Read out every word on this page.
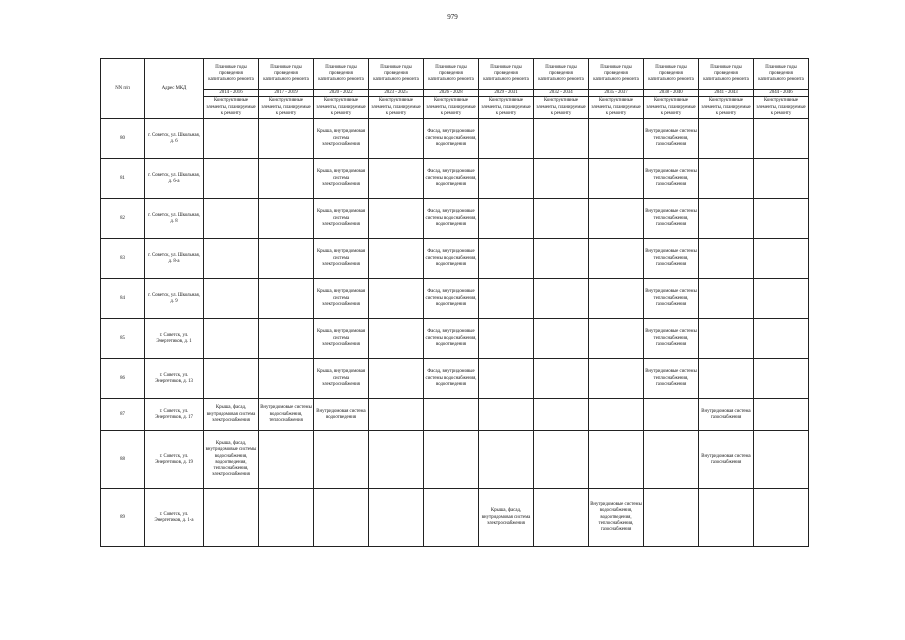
979
NN п/п	Адрес МКД	Плановые годы проведения капитального ремонта	Плановые годы проведения капитального ремонта	Плановые годы проведения капитального ремонта	Плановые годы проведения капитального ремонта	Плановые годы проведения капитального ремонта	Плановые годы проведения капитального ремонта	Плановые годы проведения капитального ремонта	Плановые годы проведения капитального ремонта	Плановые годы проведения капитального ремонта	Плановые годы проведения капитального ремонта	Плановые годы проведения капитального ремонта
		2014 - 2016	2017 - 2019	2020 - 2022	2023 - 2025	2026 - 2028	2029 - 2031	2032 - 2034	2035 - 2037	2038 - 2040	2041 - 2043	2044 - 2046
		Конструктивные элементы, планируемые к ремонту	Конструктивные элементы, планируемые к ремонту	Конструктивные элементы, планируемые к ремонту	Конструктивные элементы, планируемые к ремонту	Конструктивные элементы, планируемые к ремонту	Конструктивные элементы, планируемые к ремонту	Конструктивные элементы, планируемые к ремонту	Конструктивные элементы, планируемые к ремонту	Конструктивные элементы, планируемые к ремонту	Конструктивные элементы, планируемые к ремонту	Конструктивные элементы, планируемые к ремонту
80	г. Советск, ул. Школьная, д. 6			Крыша, внутридомовая система электроснабжения		Фасад, внутридомовые системы водоснабжения, водоотведения				Внутридомовые системы теплоснабжения, газоснабжения		
81	г. Советск, ул. Школьная, д. 6-а			Крыша, внутридомовая система электроснабжения		Фасад, внутридомовые системы водоснабжения, водоотведения				Внутридомовые системы теплоснабжения, газоснабжения		
82	г. Советск, ул. Школьная, д. 8			Крыша, внутридомовая система электроснабжения		Фасад, внутридомовые системы водоснабжения, водоотведения				Внутридомовые системы теплоснабжения, газоснабжения		
83	г. Советск, ул. Школьная, д. 8-а			Крыша, внутридомовая система электроснабжения		Фасад, внутридомовые системы водоснабжения, водоотведения				Внутридомовые системы теплоснабжения, газоснабжения		
84	г. Советск, ул. Школьная, д. 9			Крыша, внутридомовая система электроснабжения		Фасад, внутридомовые системы водоснабжения, водоотведения				Внутридомовые системы теплоснабжения, газоснабжения		
85	г. Советск, ул. Энергетиков, д. 1			Крыша, внутридомовая система электроснабжения		Фасад, внутридомовые системы водоснабжения, водоотведения				Внутридомовые системы теплоснабжения, газоснабжения		
86	г. Советск, ул. Энергетиков, д. 13			Крыша, внутридомовая система электроснабжения		Фасад, внутридомовые системы водоснабжения, водоотведения				Внутридомовые системы теплоснабжения, газоснабжения		
87	г. Советск, ул. Энергетиков, д. 17	Крыша, фасад, внутридомовая система электроснабжения	Внутридомовые системы водоснабжения, теплоснабжения	Внутридомовая система водоотведения							Внутридомовая система газоснабжения	
88	г. Советск, ул. Энергетиков, д. 19	Крыша, фасад, внутридомовые системы водоснабжения, водоотведения, теплоснабжения, электроснабжения									Внутридомовая система газоснабжения	
89	г. Советск, ул. Энергетиков, д. 1-а						Крыша, фасад, внутридомовая система электроснабжения		Внутридомовые системы водоснабжения, водоотведения, теплоснабжения, газоснабжения			
